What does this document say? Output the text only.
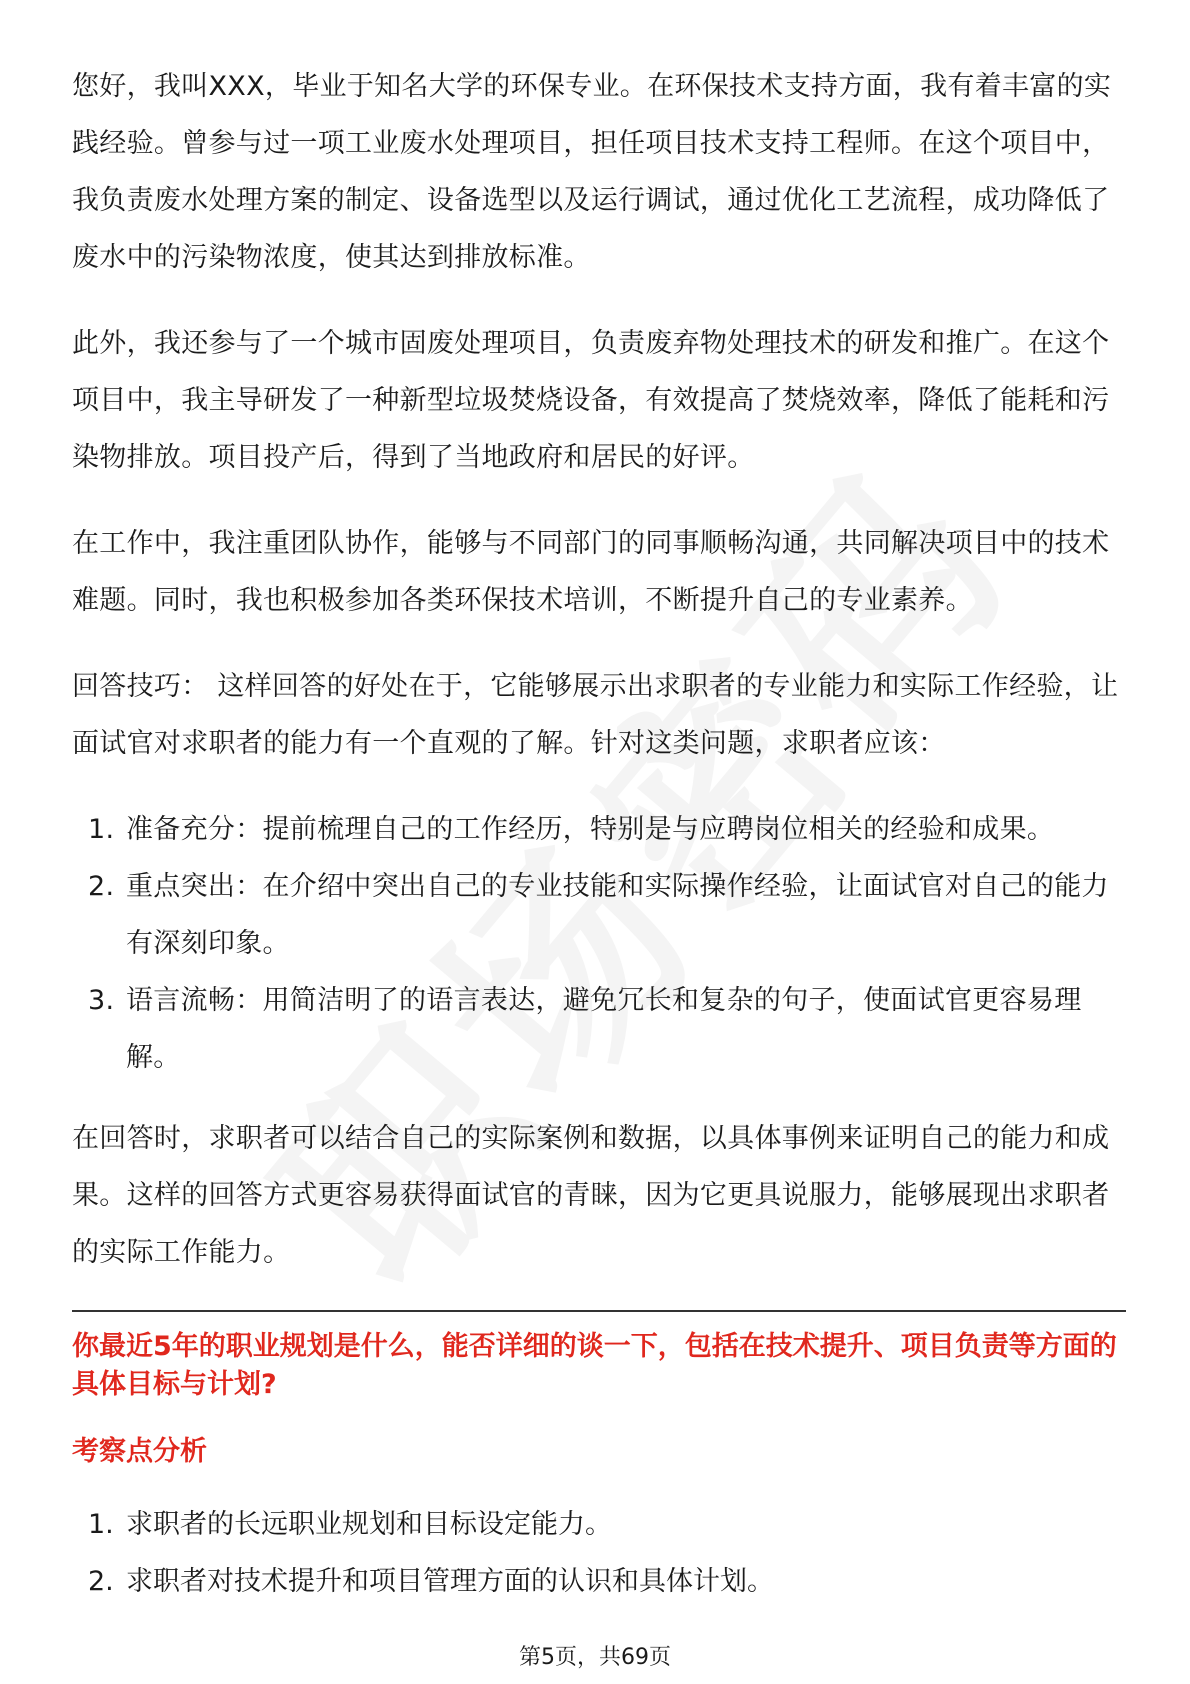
您好，我叫XXX，毕业于知名大学的环保专业。在环保技术支持方面，我有着丰富的实践经验。曾参与过一项工业废水处理项目，担任项目技术支持工程师。在这个项目中，我负责废水处理方案的制定、设备选型以及运行调试，通过优化工艺流程，成功降低了废水中的污染物浓度，使其达到排放标准。

此外，我还参与了一个城市固废处理项目，负责废弃物处理技术的研发和推广。在这个项目中，我主导研发了一种新型垃圾焚烧设备，有效提高了焚烧效率，降低了能耗和污染物排放。项目投产后，得到了当地政府和居民的好评。

在工作中，我注重团队协作，能够与不同部门的同事顺畅沟通，共同解决项目中的技术难题。同时，我也积极参加各类环保技术培训，不断提升自己的专业素养。

回答技巧： 这样回答的好处在于，它能够展示出求职者的专业能力和实际工作经验，让面试官对求职者的能力有一个直观的了解。针对这类问题，求职者应该：

1. 准备充分：提前梳理自己的工作经历，特别是与应聘岗位相关的经验和成果。
2. 重点突出：在介绍中突出自己的专业技能和实际操作经验，让面试官对自己的能力有深刻印象。
3. 语言流畅：用简洁明了的语言表达，避免冗长和复杂的句子，使面试官更容易理解。

在回答时，求职者可以结合自己的实际案例和数据，以具体事例来证明自己的能力和成果。这样的回答方式更容易获得面试官的青睐，因为它更具说服力，能够展现出求职者的实际工作能力。

你最近5年的职业规划是什么，能否详细的谈一下，包括在技术提升、项目负责等方面的具体目标与计划?
考察点分析
1. 求职者的长远职业规划和目标设定能力。
2. 求职者对技术提升和项目管理方面的认识和具体计划。
第5页，共69页
